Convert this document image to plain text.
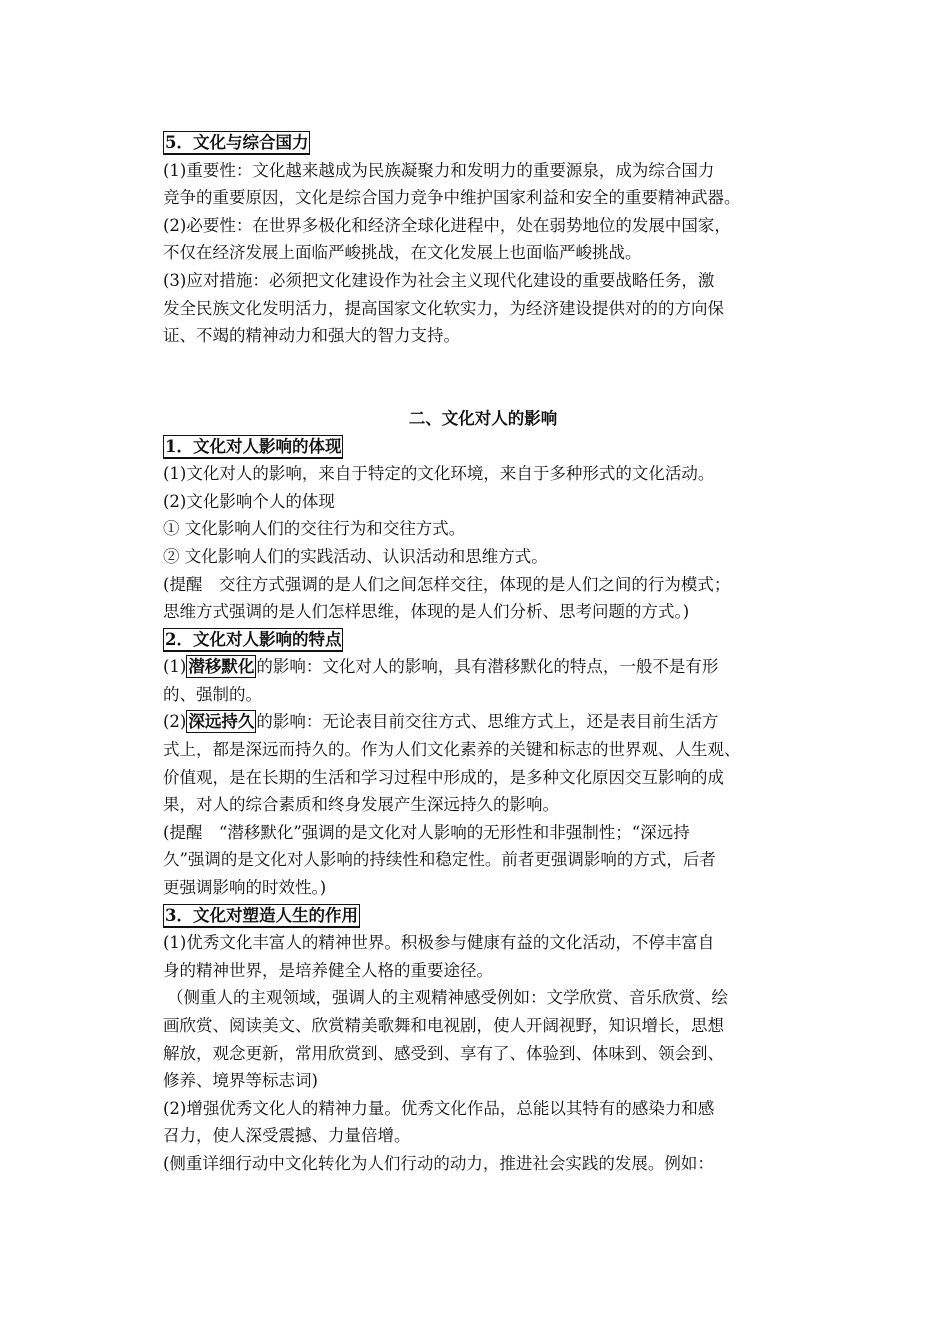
5．文化与综合国力
(1)重要性：文化越来越成为民族凝聚力和发明力的重要源泉，成为综合国力
竞争的重要原因，文化是综合国力竞争中维护国家利益和安全的重要精神武器。
(2)必要性：在世界多极化和经济全球化进程中，处在弱势地位的发展中国家，
不仅在经济发展上面临严峻挑战，在文化发展上也面临严峻挑战。
(3)应对措施：必须把文化建设作为社会主义现代化建设的重要战略任务，激
发全民族文化发明活力，提高国家文化软实力，为经济建设提供对的的方向保
证、不竭的精神动力和强大的智力支持。
二、文化对人的影响
1．文化对人影响的体现
(1)文化对人的影响，来自于特定的文化环境，来自于多种形式的文化活动。
(2)文化影响个人的体现
① 文化影响人们的交往行为和交往方式。
② 文化影响人们的实践活动、认识活动和思维方式。
(提醒　交往方式强调的是人们之间怎样交往，体现的是人们之间的行为模式；
思维方式强调的是人们怎样思维，体现的是人们分析、思考问题的方式。)
2．文化对人影响的特点
(1) 潜移默化 的影响：文化对人的影响，具有潜移默化的特点，一般不是有形
的、强制的。
(2) 深远持久 的影响：无论表目前交往方式、思维方式上，还是表目前生活方
式上，都是深远而持久的。作为人们文化素养的关键和标志的世界观、人生观、
价值观，是在长期的生活和学习过程中形成的，是多种文化原因交互影响的成
果，对人的综合素质和终身发展产生深远持久的影响。
(提醒　“潜移默化”强调的是文化对人影响的无形性和非强制性；“深远持
久”强调的是文化对人影响的持续性和稳定性。前者更强调影响的方式，后者
更强调影响的时效性。)
3．文化对塑造人生的作用
(1)优秀文化丰富人的精神世界。积极参与健康有益的文化活动，不停丰富自
身的精神世界，是培养健全人格的重要途径。
（侧重人的主观领域，强调人的主观精神感受例如：文学欣赏、音乐欣赏、绘
画欣赏、阅读美文、欣赏精美歌舞和电视剧，使人开阔视野，知识增长，思想
解放，观念更新，常用欣赏到、感受到、享有了、体验到、体味到、领会到、
修养、境界等标志词)
(2)增强优秀文化人的精神力量。优秀文化作品，总能以其特有的感染力和感
召力，使人深受震撼、力量倍增。
(侧重详细行动中文化转化为人们行动的动力，推进社会实践的发展。例如：
